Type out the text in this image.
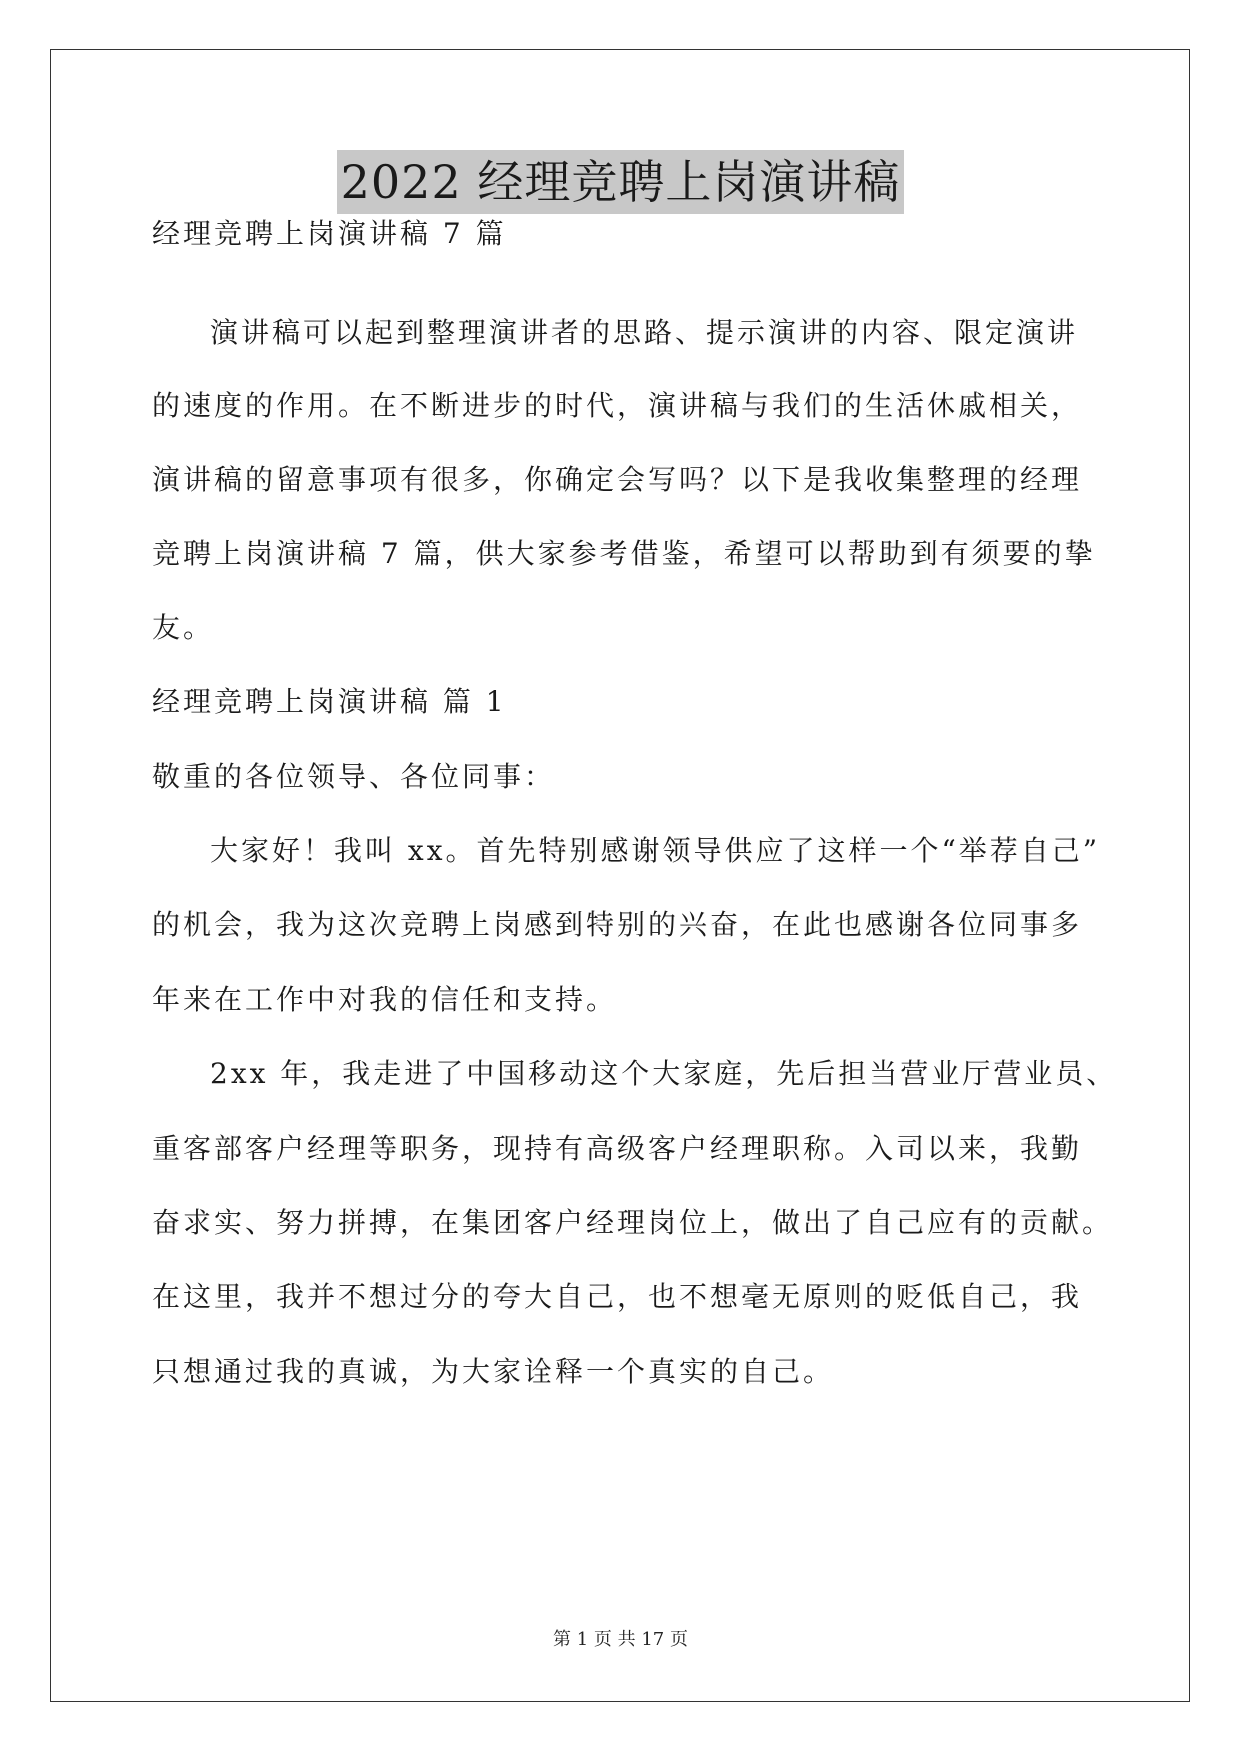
2022 经理竞聘上岗演讲稿
经理竞聘上岗演讲稿 7 篇
演讲稿可以起到整理演讲者的思路、提示演讲的内容、限定演讲
的速度的作用。在不断进步的时代，演讲稿与我们的生活休戚相关，
演讲稿的留意事项有很多，你确定会写吗？以下是我收集整理的经理
竞聘上岗演讲稿 7 篇，供大家参考借鉴，希望可以帮助到有须要的挚
友。
经理竞聘上岗演讲稿 篇 1
敬重的各位领导、各位同事：
大家好！我叫 xx。首先特别感谢领导供应了这样一个“举荐自己”
的机会，我为这次竞聘上岗感到特别的兴奋，在此也感谢各位同事多
年来在工作中对我的信任和支持。
2xx 年，我走进了中国移动这个大家庭，先后担当营业厅营业员、
重客部客户经理等职务，现持有高级客户经理职称。入司以来，我勤
奋求实、努力拼搏，在集团客户经理岗位上，做出了自己应有的贡献。
在这里，我并不想过分的夸大自己，也不想毫无原则的贬低自己，我
只想通过我的真诚，为大家诠释一个真实的自己。
第 1 页 共 17 页
